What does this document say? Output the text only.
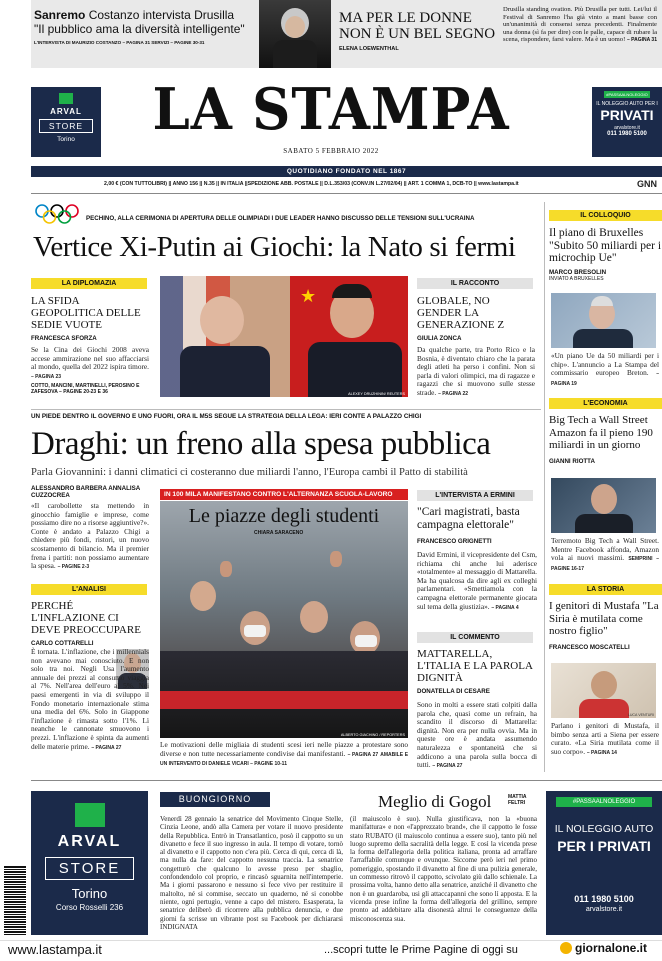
Sanremo Costanzo intervista Drusilla
"Il pubblico ama la diversità intelligente"
L'INTERVISTA DI MAURIZIO COSTANZO – PAGINA 31 SERVIZI – PAGINE 30-31
MA PER LE DONNE
NON È UN BEL SEGNO
ELENA LOEWENTHAL
Drusilla standing ovation. Più Drusilla per tutti. Lei/lui il Festival di Sanremo l'ha già vinto a mani basse con un'unanimità di consensi senza precedenti. Finalmente una donna (sì fa per dire) con le palle, capace di rubare la scena, rispondere, farsi valere. Ma è un uomo! – PAGINA 31
ARVAL
STORE
Torino	LA STAMPA
SABATO 5 FEBBRAIO 2022
#PASSAALNOLEGGIO
IL NOLEGGIO AUTO PER I
PRIVATI
arvalstore.it
011 1980 5100
QUOTIDIANO FONDATO NEL 1867
2,00 € (CON TUTTOLIBRI) || ANNO 156 || N.35 || IN ITALIA ||SPEDIZIONE ABB. POSTALE || D.L.353/03 (CONV.IN L.27/02/04) || ART. 1 COMMA 1, DCB-TO || www.lastampa.it	GNN
PECHINO, ALLA CERIMONIA DI APERTURA DELLE OLIMPIADI I DUE LEADER HANNO DISCUSSO DELLE TENSIONI SULL'UCRAINA
Vertice Xi-Putin ai Giochi: la Nato si fermi
★
ALEXEY DRUZHININ/ REUTERS
LA DIPLOMAZIA
LA SFIDA GEOPOLITICA DELLE SEDIE VUOTE
FRANCESCA SFORZA
Se la Cina dei Giochi 2008 aveva accese ammirazione nel suo affacciarsi al mondo, quella del 2022 ispira timore. – PAGINA 23
COTTO, MANCINI, MARTINELLI, PEROSINO E ZAFESOVA – PAGINE 20-23 E 36
IL RACCONTO
GLOBALE, NO GENDER LA GENERAZIONE Z
GIULIA ZONCA
Da qualche parte, tra Porto Rico e la Bosnia, è diventato chiaro che la parata degli atleti ha perso i confini. Non si parla di valori olimpici, ma di ragazze e ragazzi che si muovono sulle stesse strade. – PAGINA 22
IL COLLOQUIO
Il piano di Bruxelles "Subito 50 miliardi per i microchip Ue"
MARCO BRESOLIN
INVIATO A BRUXELLES
«Un piano Ue da 50 miliardi per i chip». L'annuncio a La Stampa del commissario europeo Breton. – PAGINA 19
UN PIEDE DENTRO IL GOVERNO E UNO FUORI, ORA IL M5S SEGUE LA STRATEGIA DELLA LEGA: IERI CONTE A PALAZZO CHIGI
Draghi: un freno alla spesa pubblica
Parla Giovannini: i danni climatici ci costeranno due miliardi l'anno, l'Europa cambi il Patto di stabilità
ALESSANDRO BARBERA ANNALISA CUZZOCREA
«Il carobollette sta mettendo in ginocchio famiglie e imprese, come possiamo dire no a risorse aggiuntive?». Conte è andato a Palazzo Chigi a chiedere più fondi, ristori, un nuovo scostamento di bilancio. Ma il premier frena i partiti: non possiamo aumentare la spesa. – PAGINE 2-3
L'ANALISI
PERCHÉ L'INFLAZIONE CI DEVE PREOCCUPARE
CARLO COTTARELLI
È tornata. L'inflazione, che i millennials non avevano mai conosciuto. E non solo tra noi. Negli Usa l'aumento annuale dei prezzi al consumo viaggia al 7%. Nell'area dell'euro al 5%. Nei paesi emergenti in via di sviluppo il Fondo monetario internazionale stima una media del 6%. Solo in Giappone l'inflazione è rimasta sotto l'1%. Lì neanche le cannonate smuovono i prezzi. L'inflazione è spinta da aumenti delle materie prime. – PAGINA 27
IN 100 MILA MANIFESTANO CONTRO L'ALTERNANZA SCUOLA-LAVORO
ALBERTO GIACHINO / REPORTERS
Le piazze degli studenti
CHIARA SARACENO
Le motivazioni delle migliaia di studenti scesi ieri nelle piazze a protestare sono diverse e non tutte necessariamente condivise dai manifestanti. – PAGINA 27 AMABILE E UN INTERVENTO DI DANIELE VICARI – PAGINE 10-11
L'INTERVISTA A ERMINI
"Cari magistrati, basta campagna elettorale"
FRANCESCO GRIGNETTI
David Ermini, il vicepresidente del Csm, richiama chi anche lui aderisce «totalmente» al messaggio di Mattarella. Ma ha qualcosa da dire agli ex colleghi parlamentari. «Smettiamola con la campagna elettorale permanente giocata sul tema della giustizia». – PAGINA 4
IL COMMENTO
MATTARELLA, L'ITALIA E LA PAROLA DIGNITÀ
DONATELLA DI CESARE
Sono in molti a essere stati colpiti dalla parola che, quasi come un refrain, ha scandito il discorso di Mattarella: dignità. Non era per nulla ovvia. Ma in queste ore è andata assumendo naturalezza e spontaneità che si addicono a una parola sulla bocca di tutti. – PAGINA 27
L'ECONOMIA
Big Tech a Wall Street Amazon fa il pieno 190 miliardi in un giorno
GIANNI RIOTTA
Terremoto Big Tech a Wall Street. Mentre Facebook affonda, Amazon vola ai nuovi massimi. SEMPRINI – PAGINE 16-17
LA STORIA
I genitori di Mustafa "La Siria è mutilata come nostro figlio"
FRANCESCO MOSCATELLI
LUCA VENTURI
Parlano i genitori di Mustafa, il bimbo senza arti a Siena per essere curato. «La Siria mutilata come il suo corpo». – PAGINA 14
ARVAL
STORE
Torino
Corso Rosselli 236
BUONGIORNO	Meglio di Gogol	MATTIA FELTRI
Venerdì 28 gennaio la senatrice del Movimento Cinque Stelle, Cinzia Leone, andò alla Camera per votare il nuovo presidente della Repubblica. Entrò in Transatlantico, posò il cappotto su un divanetto e fece il suo ingresso in aula. Il tempo di votare, tornò al divanetto e il cappotto non c'era più. Cerca di qui, cerca di là, ma nulla da fare: del cappotto nessuna traccia. La senatrice congetturò che qualcuno lo avesse preso per sbaglio, confondendolo col proprio, e rincasò sguarnita nell'intemperie. Ma i giorni passarono e nessuno si fece vivo per restituire il maltolto, né si commise, seccato un quaderno, né si conobbe niente, ogni pertugio, venne a capo del mistero. Esasperata, la senatrice deliberò di ricorrere alla pubblica denuncia, e due giorni fa scrisse un vibrante post su Facebook per dichiararsi INDIGNATA
(il maiuscolo è suo). Nulla giustificava, non la «buona manifattura» e non «l'apprezzato brand», che il cappotto le fosse stato RUBATO (il maiuscolo continua a essere suo), tanto più nel luogo supremo della sacralità della legge. E così la vicenda prese la forma dell'allegoria della politica italiana, pronta ad arraffare l'arraffabile comunque e ovunque. Siccome però ieri nel primo pomeriggio, spostando il divanetto al fine di una pulizia generale, un commesso ritrovò il cappotto, scivolato giù dallo schienale. La prossima volta, hanno detto alla senatrice, anziché il divanetto che non è un guardaroba, usi gli attaccapanni che sono lì apposta. E la vicenda prese infine la forma dell'allegoria del grillino, sempre pronto ad addebitare alla disonestà altrui le conseguenze della misconoscenza sua.
#PASSAALNOLEGGIO
IL NOLEGGIO AUTO
PER I PRIVATI
011 1980 5100
arvalstore.it
www.lastampa.it	...scopri tutte le Prime Pagine di oggi su	giornalone.it
